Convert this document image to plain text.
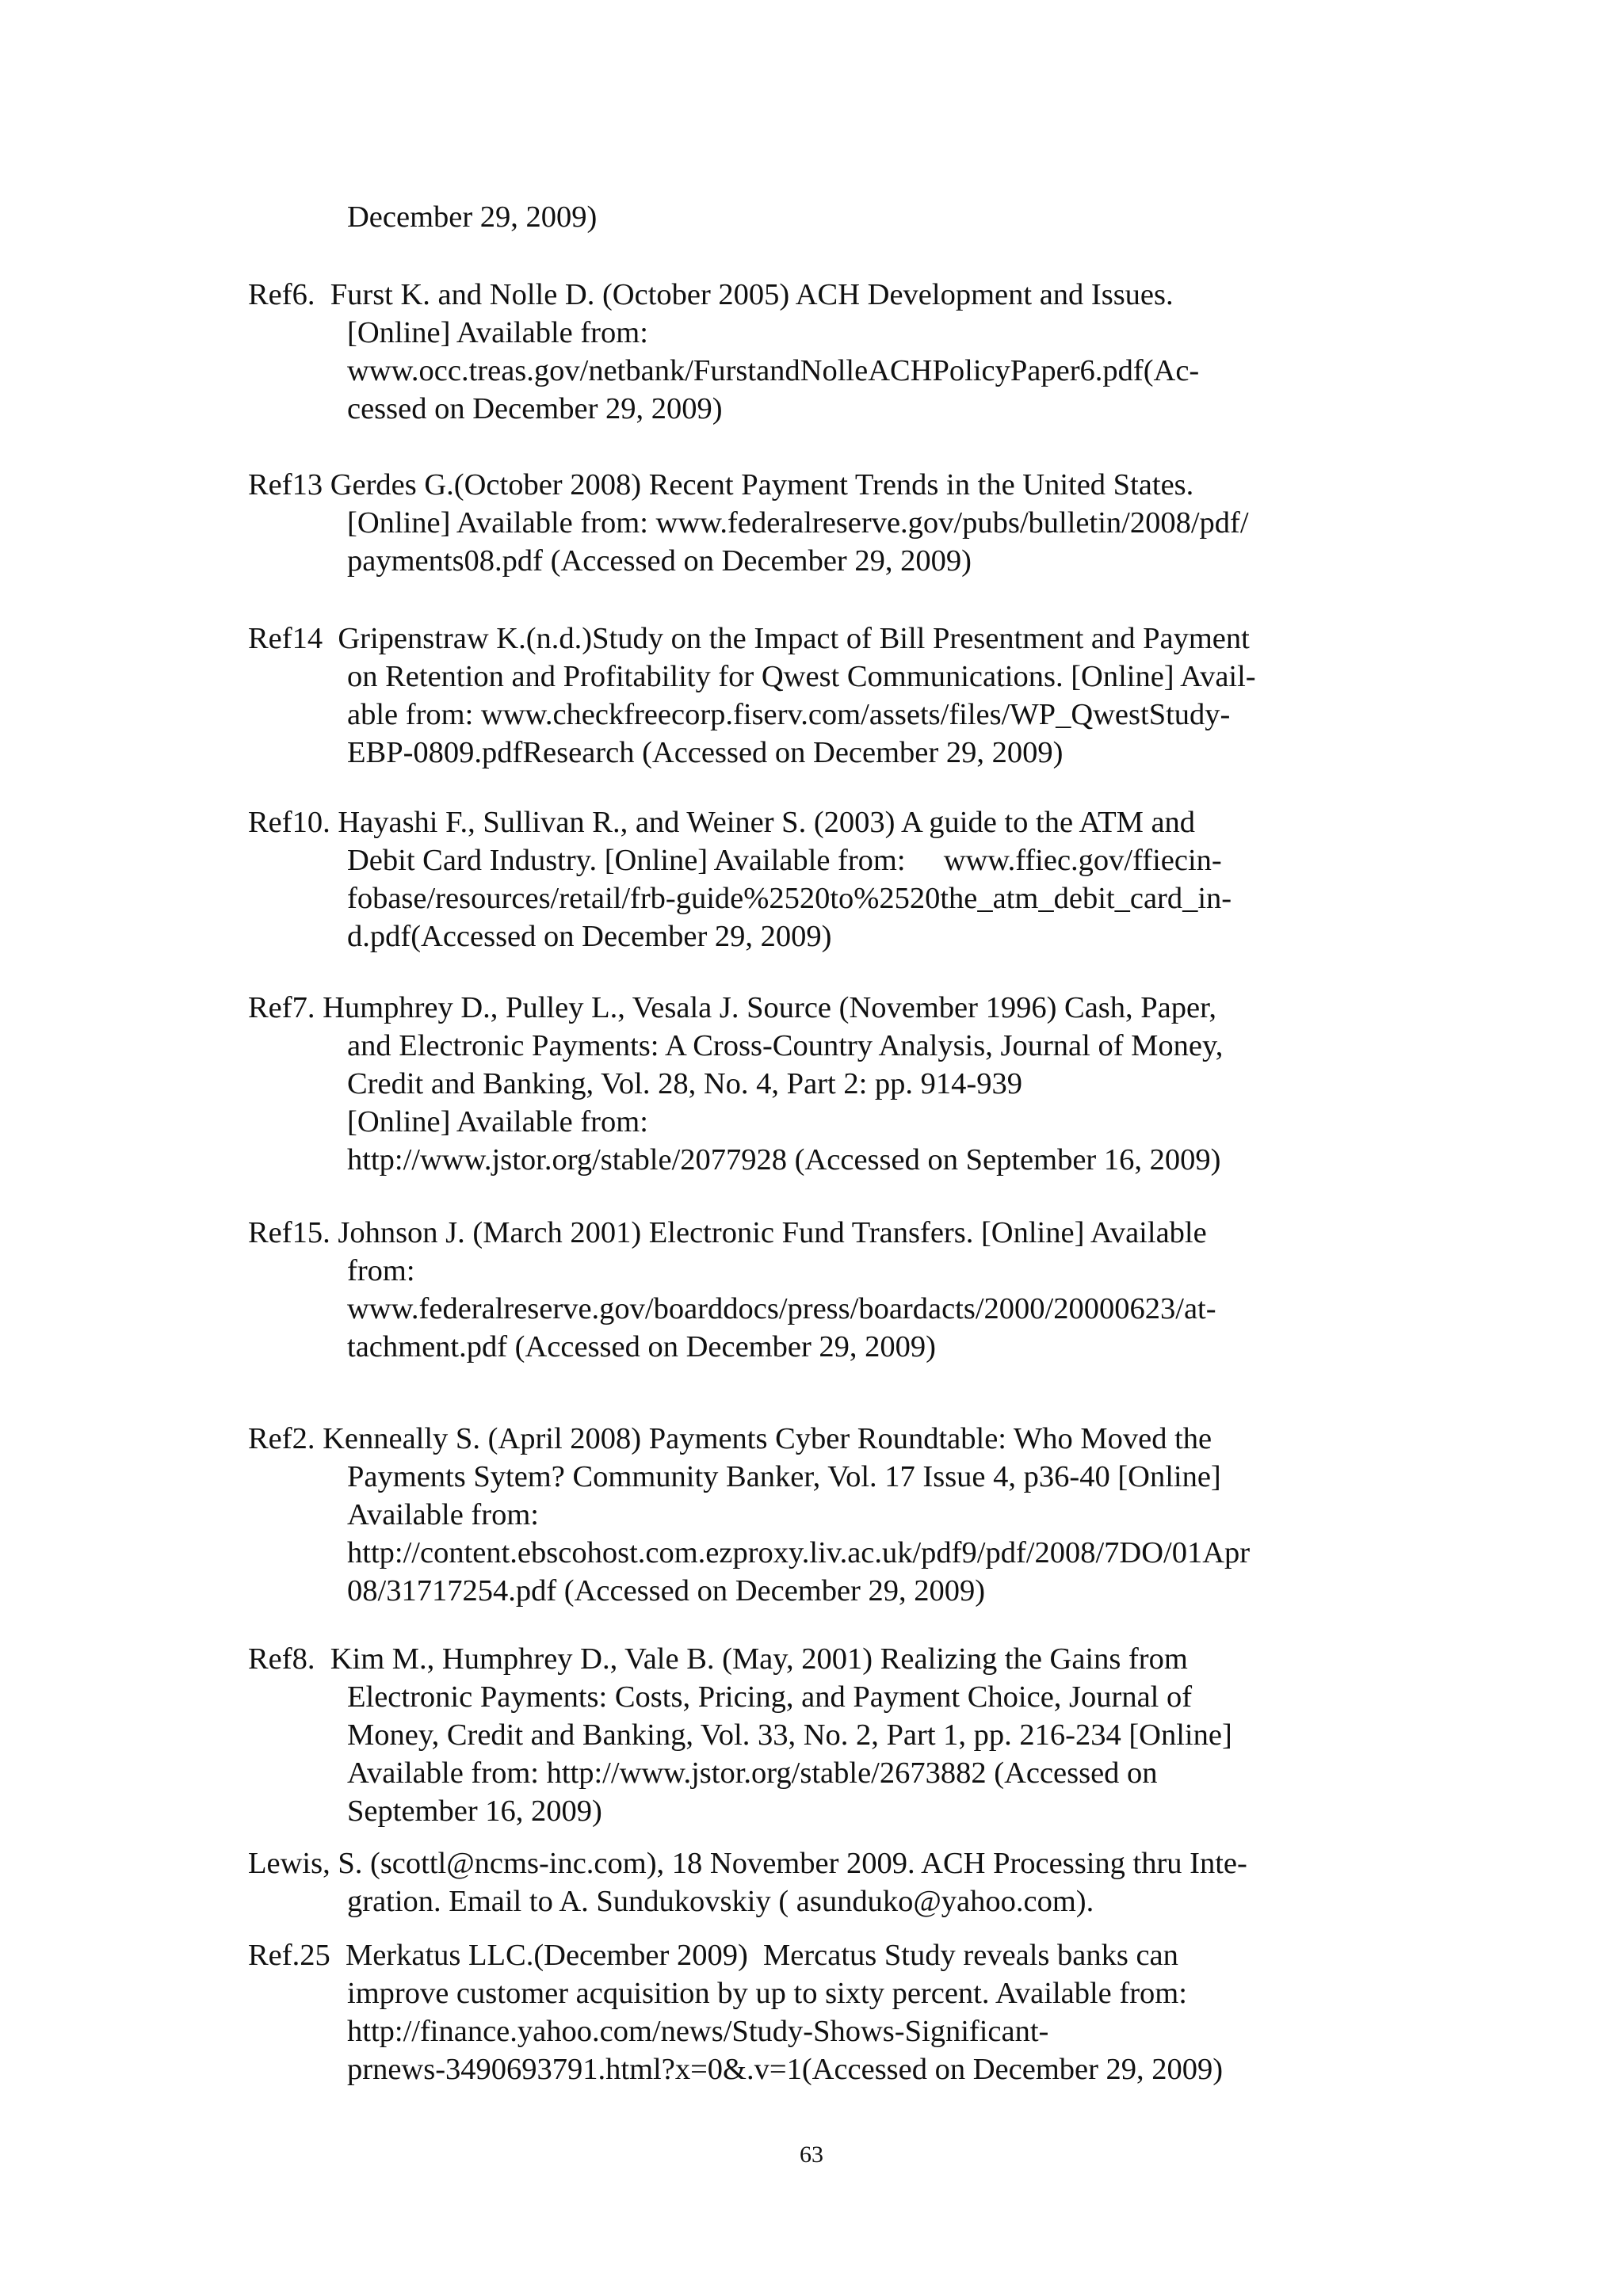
December 29, 2009)
Ref6.  Furst K. and Nolle D. (October 2005) ACH Development and Issues.
[Online] Available from:
www.occ.treas.gov/netbank/FurstandNolleACHPolicyPaper6.pdf(Ac-
cessed on December 29, 2009)
Ref13 Gerdes G.(October 2008) Recent Payment Trends in the United States.
[Online] Available from: www.federalreserve.gov/pubs/bulletin/2008/pdf/
payments08.pdf (Accessed on December 29, 2009)
Ref14  Gripenstraw K.(n.d.)Study on the Impact of Bill Presentment and Payment
on Retention and Profitability for Qwest Communications. [Online] Avail-
able from: www.checkfreecorp.fiserv.com/assets/files/WP_QwestStudy-
EBP-0809.pdfResearch (Accessed on December 29, 2009)
Ref10. Hayashi F., Sullivan R., and Weiner S. (2003) A guide to the ATM and
Debit Card Industry. [Online] Available from:     www.ffiec.gov/ffiecin-
fobase/resources/retail/frb-guide%2520to%2520the_atm_debit_card_in-
d.pdf(Accessed on December 29, 2009)
Ref7. Humphrey D., Pulley L., Vesala J. Source (November 1996) Cash, Paper,
and Electronic Payments: A Cross-Country Analysis, Journal of Money,
Credit and Banking, Vol. 28, No. 4, Part 2: pp. 914-939
[Online] Available from:
http://www.jstor.org/stable/2077928 (Accessed on September 16, 2009)
Ref15. Johnson J. (March 2001) Electronic Fund Transfers. [Online] Available
from:
www.federalreserve.gov/boarddocs/press/boardacts/2000/20000623/at-
tachment.pdf (Accessed on December 29, 2009)
Ref2. Kenneally S. (April 2008) Payments Cyber Roundtable: Who Moved the
Payments Sytem? Community Banker, Vol. 17 Issue 4, p36-40 [Online]
Available from:
http://content.ebscohost.com.ezproxy.liv.ac.uk/pdf9/pdf/2008/7DO/01Apr
08/31717254.pdf (Accessed on December 29, 2009)
Ref8.  Kim M., Humphrey D., Vale B. (May, 2001) Realizing the Gains from
Electronic Payments: Costs, Pricing, and Payment Choice, Journal of
Money, Credit and Banking, Vol. 33, No. 2, Part 1, pp. 216-234 [Online]
Available from: http://www.jstor.org/stable/2673882 (Accessed on
September 16, 2009)
Lewis, S. (scottl@ncms-inc.com), 18 November 2009. ACH Processing thru Inte-
gration. Email to A. Sundukovskiy ( asunduko@yahoo.com).
Ref.25  Merkatus LLC.(December 2009)  Mercatus Study reveals banks can
improve customer acquisition by up to sixty percent. Available from:
http://finance.yahoo.com/news/Study-Shows-Significant-
prnews-3490693791.html?x=0&.v=1(Accessed on December 29, 2009)
63
